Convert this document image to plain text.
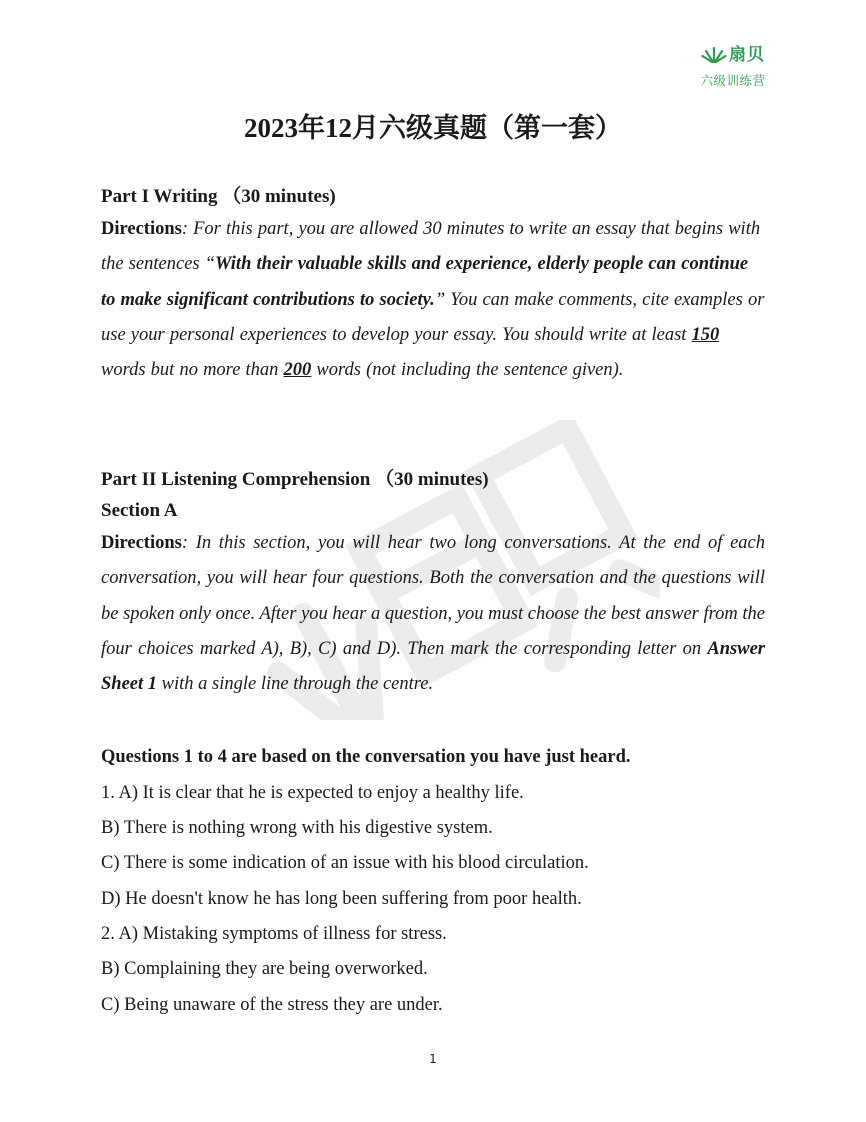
扇贝
六级训练营
2023年12月六级真题（第一套）
Part I Writing （30 minutes)
Directions: For this part, you are allowed 30 minutes to write an essay that begins with the sentences “With their valuable skills and experience, elderly people can continue to make significant contributions to society.” You can make comments, cite examples or use your personal experiences to develop your essay. You should write at least 150 words but no more than 200 words (not including the sentence given).
Part II Listening Comprehension （30 minutes)
Section A
Directions: In this section, you will hear two long conversations. At the end of each conversation, you will hear four questions. Both the conversation and the questions will be spoken only once. After you hear a question, you must choose the best answer from the four choices marked A), B), C) and D). Then mark the corresponding letter on Answer Sheet 1 with a single line through the centre.
Questions 1 to 4 are based on the conversation you have just heard.
1. A) It is clear that he is expected to enjoy a healthy life.
B) There is nothing wrong with his digestive system.
C) There is some indication of an issue with his blood circulation.
D) He doesn't know he has long been suffering from poor health.
2. A) Mistaking symptoms of illness for stress.
B) Complaining they are being overworked.
C) Being unaware of the stress they are under.
1
